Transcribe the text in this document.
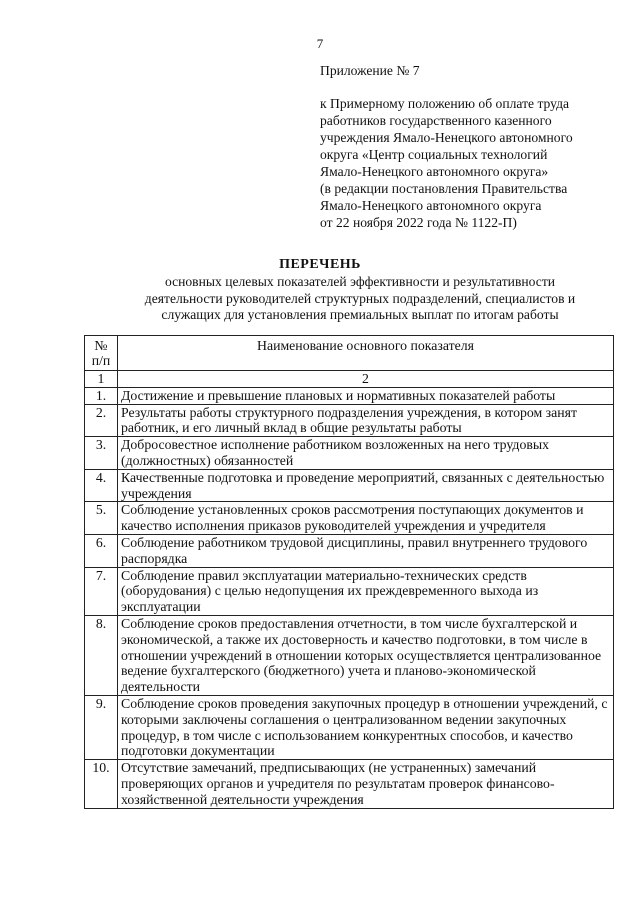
7
Приложение № 7
к Примерному положению об оплате труда
работников государственного казенного
учреждения Ямало-Ненецкого автономного
округа «Центр социальных технологий
Ямало-Ненецкого автономного округа»
(в редакции постановления Правительства
Ямало-Ненецкого автономного округа
от 22 ноября 2022 года № 1122-П)
ПЕРЕЧЕНЬ
основных целевых показателей эффективности и результативности
деятельности руководителей структурных подразделений, специалистов и
служащих для установления премиальных выплат по итогам работы
№
п/п	Наименование основного показателя
1	2
1.	Достижение и превышение плановых и нормативных показателей работы
2.	Результаты работы структурного подразделения учреждения, в котором занят работник, и его личный вклад в общие результаты работы
3.	Добросовестное исполнение работником возложенных на него трудовых (должностных) обязанностей
4.	Качественные подготовка и проведение мероприятий, связанных с деятельностью учреждения
5.	Соблюдение установленных сроков рассмотрения поступающих документов и качество исполнения приказов руководителей учреждения и учредителя
6.	Соблюдение работником трудовой дисциплины, правил внутреннего трудового распорядка
7.	Соблюдение правил эксплуатации материально-технических средств (оборудования) с целью недопущения их преждевременного выхода из эксплуатации
8.	Соблюдение сроков предоставления отчетности, в том числе бухгалтерской и экономической, а также их достоверность и качество подготовки, в том числе в отношении учреждений в отношении которых осуществляется централизованное ведение бухгалтерского (бюджетного) учета и планово-экономической деятельности
9.	Соблюдение сроков проведения закупочных процедур в отношении учреждений, с которыми заключены соглашения о централизованном ведении закупочных процедур, в том числе с использованием конкурентных способов, и качество подготовки документации
10.	Отсутствие замечаний, предписывающих (не устраненных) замечаний проверяющих органов и учредителя по результатам проверок финансово-хозяйственной деятельности учреждения
